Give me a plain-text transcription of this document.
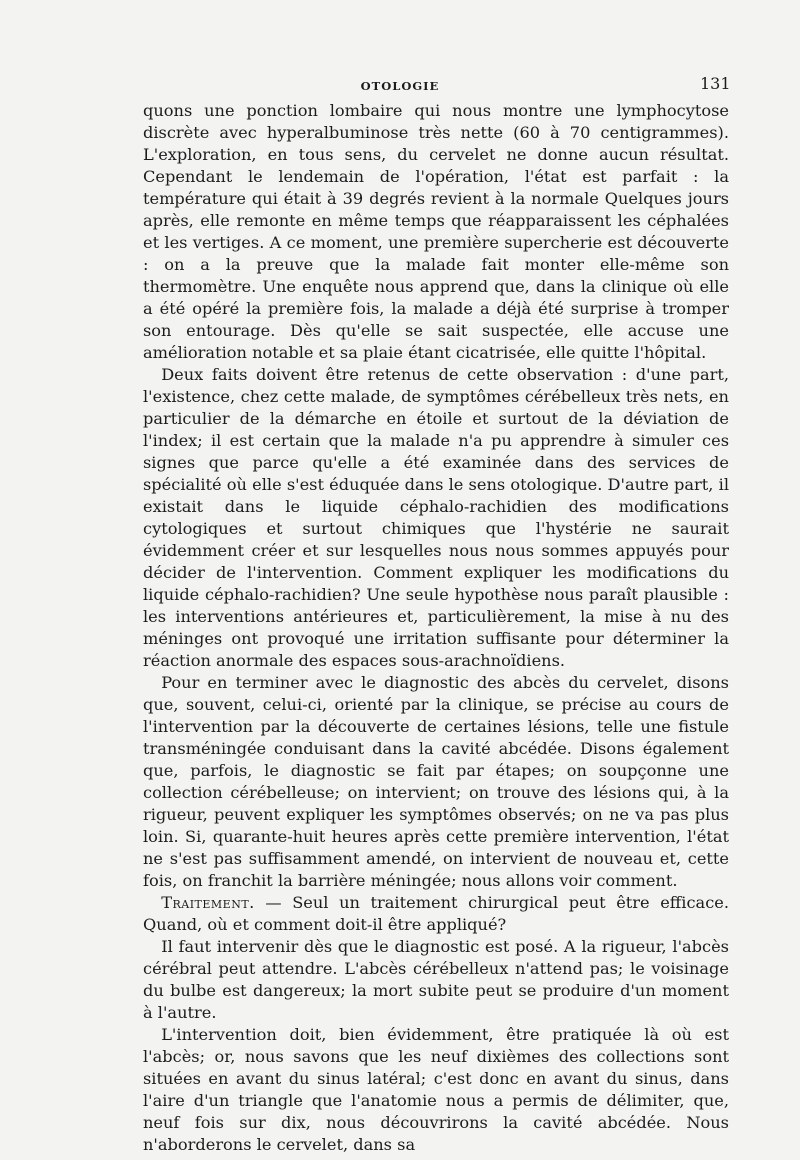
OTOLOGIE	131

quons une ponction lombaire qui nous montre une lymphocytose discrète avec hyperalbuminose très nette (60 à 70 centigrammes). L'exploration, en tous sens, du cervelet ne donne aucun résultat. Cependant le lendemain de l'opération, l'état est parfait : la température qui était à 39 degrés revient à la normale Quelques jours après, elle remonte en même temps que réapparaissent les céphalées et les vertiges. A ce moment, une première supercherie est découverte : on a la preuve que la malade fait monter elle-même son thermomètre. Une enquête nous apprend que, dans la clinique où elle a été opéré la première fois, la malade a déjà été surprise à tromper son entourage. Dès qu'elle se sait suspectée, elle accuse une amélioration notable et sa plaie étant cicatrisée, elle quitte l'hôpital.

 Deux faits doivent être retenus de cette observation : d'une part, l'existence, chez cette malade, de symptômes cérébelleux très nets, en particulier de la démarche en étoile et surtout de la déviation de l'index; il est certain que la malade n'a pu apprendre à simuler ces signes que parce qu'elle a été examinée dans des services de spécialité où elle s'est éduquée dans le sens otologique. D'autre part, il existait dans le liquide céphalo-rachidien des modifications cytologiques et surtout chimiques que l'hystérie ne saurait évidemment créer et sur lesquelles nous nous sommes appuyés pour décider de l'intervention. Comment expliquer les modifications du liquide céphalo-rachidien? Une seule hypothèse nous paraît plausible : les interventions antérieures et, particulièrement, la mise à nu des méninges ont provoqué une irritation suffisante pour déterminer la réaction anormale des espaces sous-arachnoïdiens.

 Pour en terminer avec le diagnostic des abcès du cervelet, disons que, souvent, celui-ci, orienté par la clinique, se précise au cours de l'intervention par la découverte de certaines lésions, telle une fistule transméningée conduisant dans la cavité abcédée. Disons également que, parfois, le diagnostic se fait par étapes; on soupçonne une collection cérébelleuse; on intervient; on trouve des lésions qui, à la rigueur, peuvent expliquer les symptômes observés; on ne va pas plus loin. Si, quarante-huit heures après cette première intervention, l'état ne s'est pas suffisamment amendé, on intervient de nouveau et, cette fois, on franchit la barrière méningée; nous allons voir comment.

 Traitement. — Seul un traitement chirurgical peut être efficace. Quand, où et comment doit-il être appliqué?

 Il faut intervenir dès que le diagnostic est posé. A la rigueur, l'abcès cérébral peut attendre. L'abcès cérébelleux n'attend pas; le voisinage du bulbe est dangereux; la mort subite peut se produire d'un moment à l'autre.

 L'intervention doit, bien évidemment, être pratiquée là où est l'abcès; or, nous savons que les neuf dixièmes des collections sont situées en avant du sinus latéral; c'est donc en avant du sinus, dans l'aire d'un triangle que l'anatomie nous a permis de délimiter, que, neuf fois sur dix, nous découvrirons la cavité abcédée. Nous n'aborderons le cervelet, dans sa
